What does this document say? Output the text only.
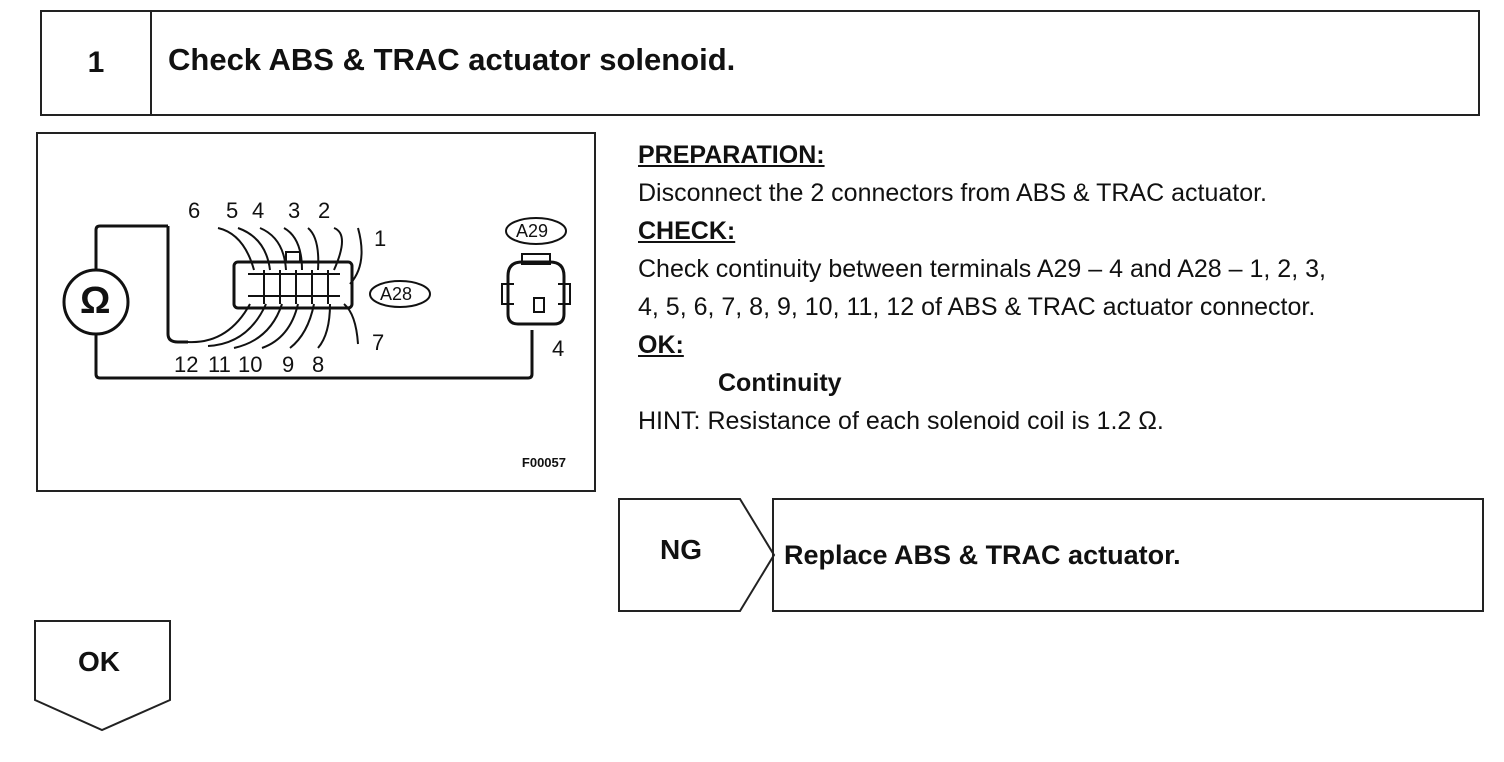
1	Check ABS & TRAC actuator solenoid.
Ω	A28
A29
6 5 4 3 2
1
7
12 11 10 9 8
4
F00057
PREPARATION:
Disconnect the 2 connectors from ABS & TRAC actuator.
CHECK:
Check continuity between terminals A29 – 4 and A28 – 1, 2, 3,
4, 5, 6, 7, 8, 9, 10, 11, 12 of ABS & TRAC actuator connector.
OK:
Continuity
HINT: Resistance of each solenoid coil is 1.2 Ω.
NG	Replace ABS & TRAC actuator.
OK
